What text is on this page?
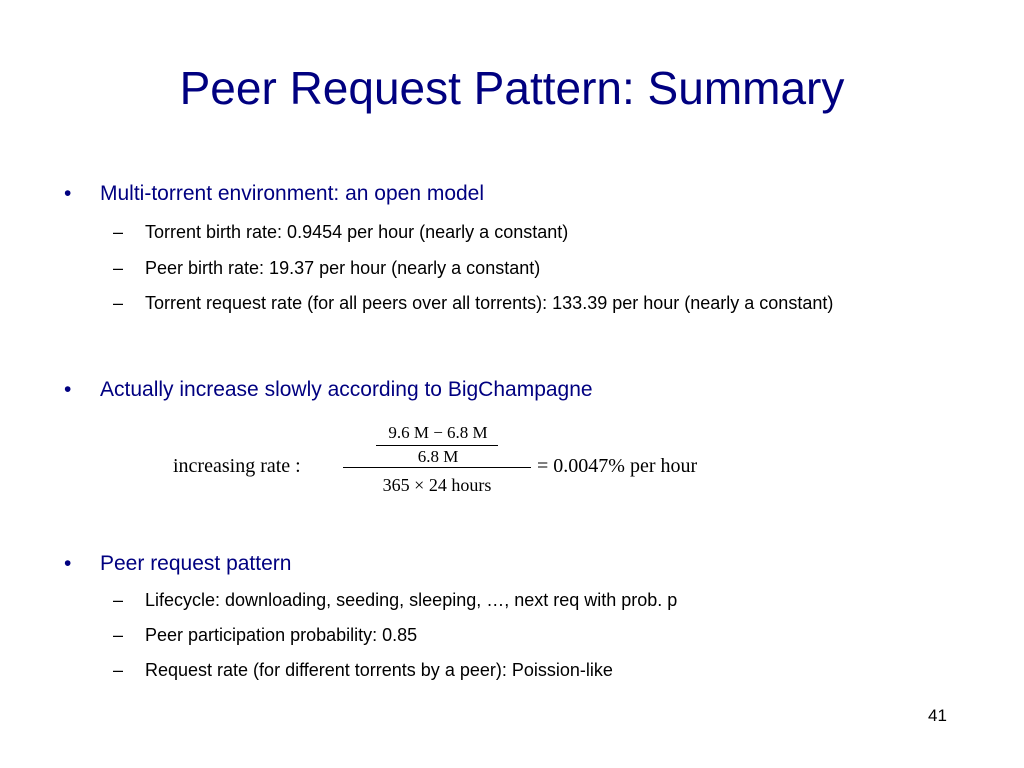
Peer Request Pattern: Summary
•	Multi-torrent environment: an open model
–	Torrent birth rate: 0.9454 per hour (nearly a constant)
–	Peer birth rate: 19.37 per hour (nearly a constant)
–	Torrent request rate (for all peers over all torrents): 133.39 per hour (nearly a constant)
•	Actually increase slowly according to BigChampagne
increasing rate :
9.6 M − 6.8 M
6.8 M
365 × 24 hours
= 0.0047% per hour
•	Peer request pattern
–	Lifecycle: downloading, seeding, sleeping, …, next req with prob. p
–	Peer participation probability: 0.85
–	Request rate (for different torrents by a peer): Poission-like
41
